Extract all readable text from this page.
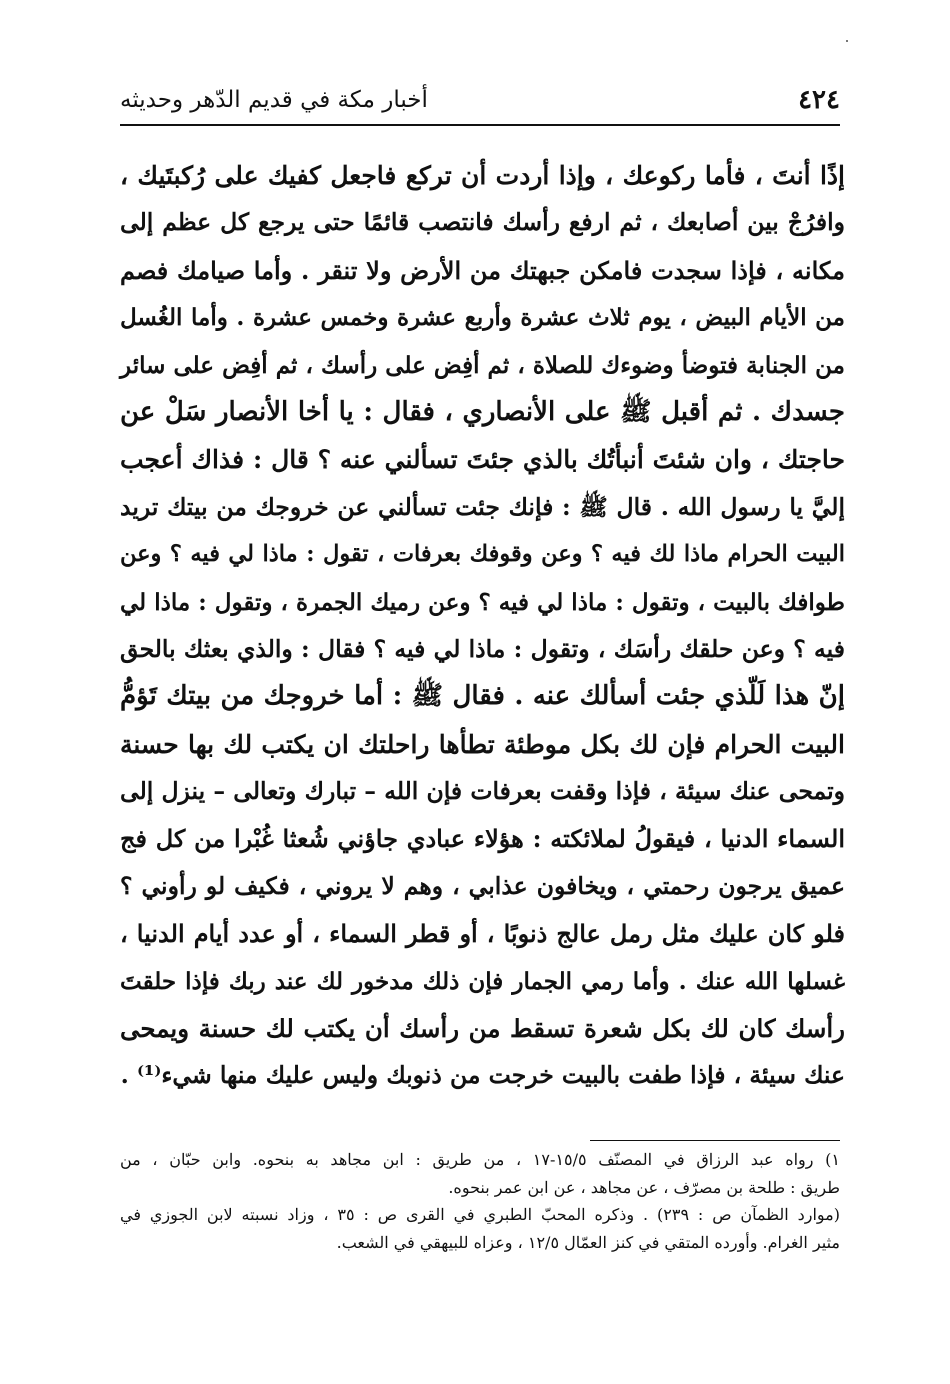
٤٢٤
أخبار مكة في قديم الدّهر وحديثه
إذًا أنتَ ، فأما ركوعك ، وإذا أردت أن تركع فاجعل كفيك على رُكبتَيك ،
وافرُجْ بين أصابعك ، ثم ارفع رأسك فانتصب قائمًا حتى يرجع كل عظم إلى
مكانه ، فإذا سجدت فامكن جبهتك من الأرض ولا تنقر . وأما صيامك فصم
من الأيام البيض ، يوم ثلاث عشرة وأربع عشرة وخمس عشرة . وأما الغُسل
من الجنابة فتوضأ وضوءك للصلاة ، ثم أفِض على رأسك ، ثم أفِض على سائر
جسدك . ثم أقبل ﷺ على الأنصاري ، فقال : يا أخا الأنصار سَلْ عن
حاجتك ، وان شئتَ أنبأتُك بالذي جئتَ تسألني عنه ؟ قال : فذاك أعجب
إليَّ يا رسول الله . قال ﷺ : فإنك جئت تسألني عن خروجك من بيتك تريد
البيت الحرام ماذا لك فيه ؟ وعن وقوفك بعرفات ، تقول : ماذا لي فيه ؟ وعن
طوافك بالبيت ، وتقول : ماذا لي فيه ؟ وعن رميك الجمرة ، وتقول : ماذا لي
فيه ؟ وعن حلقك رأسَك ، وتقول : ماذا لي فيه ؟ فقال : والذي بعثك بالحق
إنّ هذا لَلّذي جئت أسألك عنه . فقال ﷺ : أما خروجك من بيتك تَؤمُّ
البيت الحرام فإن لك بكل موطئة تطأها راحلتك ان يكتب لك بها حسنة
وتمحى عنك سيئة ، فإذا وقفت بعرفات فإن الله – تبارك وتعالى – ينزل إلى
السماء الدنيا ، فيقولُ لملائكته : هؤلاء عبادي جاؤني شُعثا غُبْرا من كل فج
عميق يرجون رحمتي ، ويخافون عذابي ، وهم لا يروني ، فكيف لو رأوني ؟
فلو كان عليك مثل رمل عالج ذنوبًا ، أو قطر السماء ، أو عدد أيام الدنيا ،
غسلها الله عنك . وأما رمي الجمار فإن ذلك مدخور لك عند ربك فإذا حلقتَ
رأسك كان لك بكل شعرة تسقط من رأسك أن يكتب لك حسنة ويمحى
عنك سيئة ، فإذا طفت بالبيت خرجت من ذنوبك وليس عليك منها شيء⁽¹⁾ .
١) رواه عبد الرزاق في المصنّف ١٥/٥-١٧ ، من طريق : ابن مجاهد به بنحوه. وابن حبّان ، من
طريق : طلحة بن مصرّف ، عن مجاهد ، عن ابن عمر بنحوه.
(موارد الظمآن ص : ٢٣٩) . وذكره المحبّ الطبري في القرى ص : ٣٥ ، وزاد نسبته لابن الجوزي في
مثير الغرام. وأورده المتقي في كنز العمّال ١٢/٥ ، وعزاه للبيهقي في الشعب.
